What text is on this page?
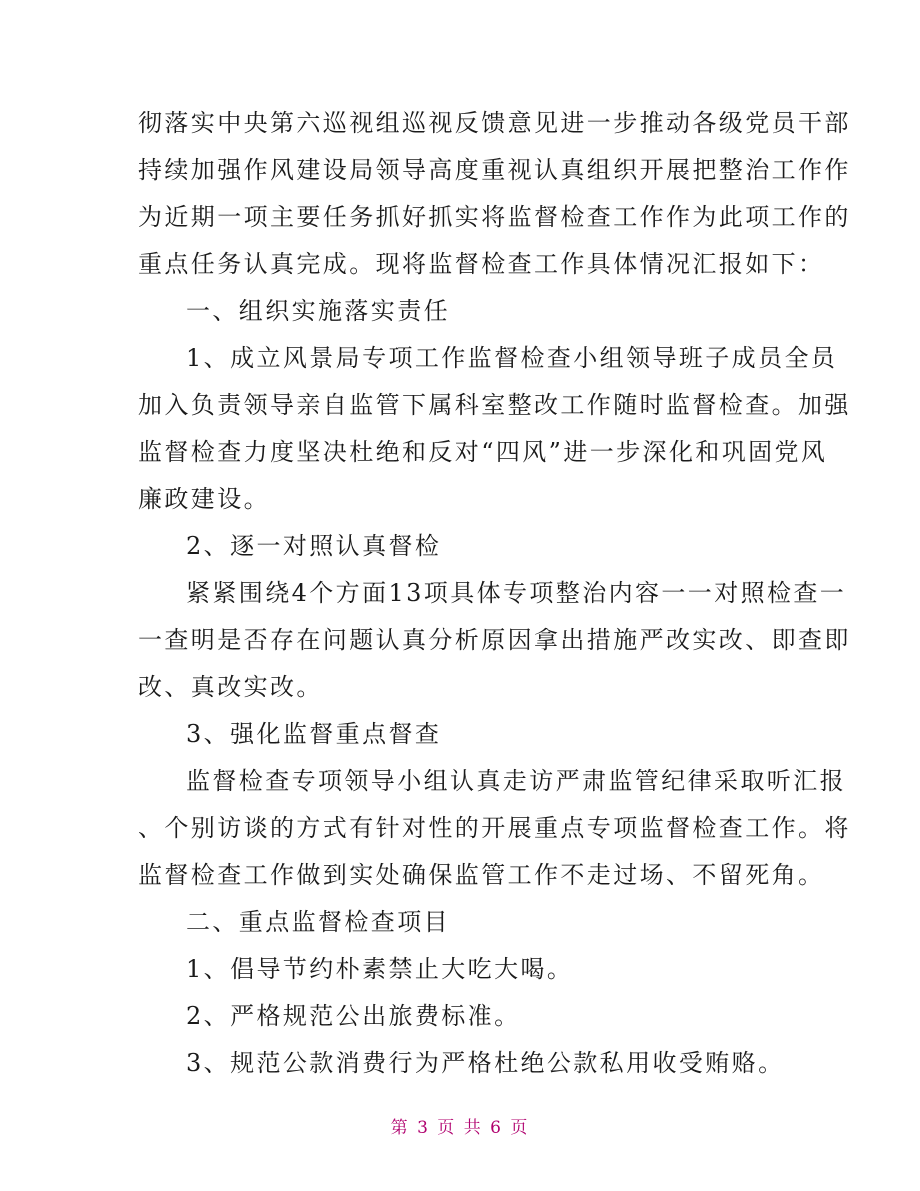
彻落实中央第六巡视组巡视反馈意见进一步推动各级党员干部
持续加强作风建设局领导高度重视认真组织开展把整治工作作
为近期一项主要任务抓好抓实将监督检查工作作为此项工作的
重点任务认真完成。现将监督检查工作具体情况汇报如下：
一、组织实施落实责任
1、成立风景局专项工作监督检查小组领导班子成员全员
加入负责领导亲自监管下属科室整改工作随时监督检查。加强
监督检查力度坚决杜绝和反对“四风”进一步深化和巩固党风
廉政建设。
2、逐一对照认真督检
紧紧围绕4个方面13项具体专项整治内容一一对照检查一
一查明是否存在问题认真分析原因拿出措施严改实改、即查即
改、真改实改。
3、强化监督重点督查
监督检查专项领导小组认真走访严肃监管纪律采取听汇报
、个别访谈的方式有针对性的开展重点专项监督检查工作。将
监督检查工作做到实处确保监管工作不走过场、不留死角。
二、重点监督检查项目
1、倡导节约朴素禁止大吃大喝。
2、严格规范公出旅费标准。
3、规范公款消费行为严格杜绝公款私用收受贿赂。
第 3 页 共 6 页
